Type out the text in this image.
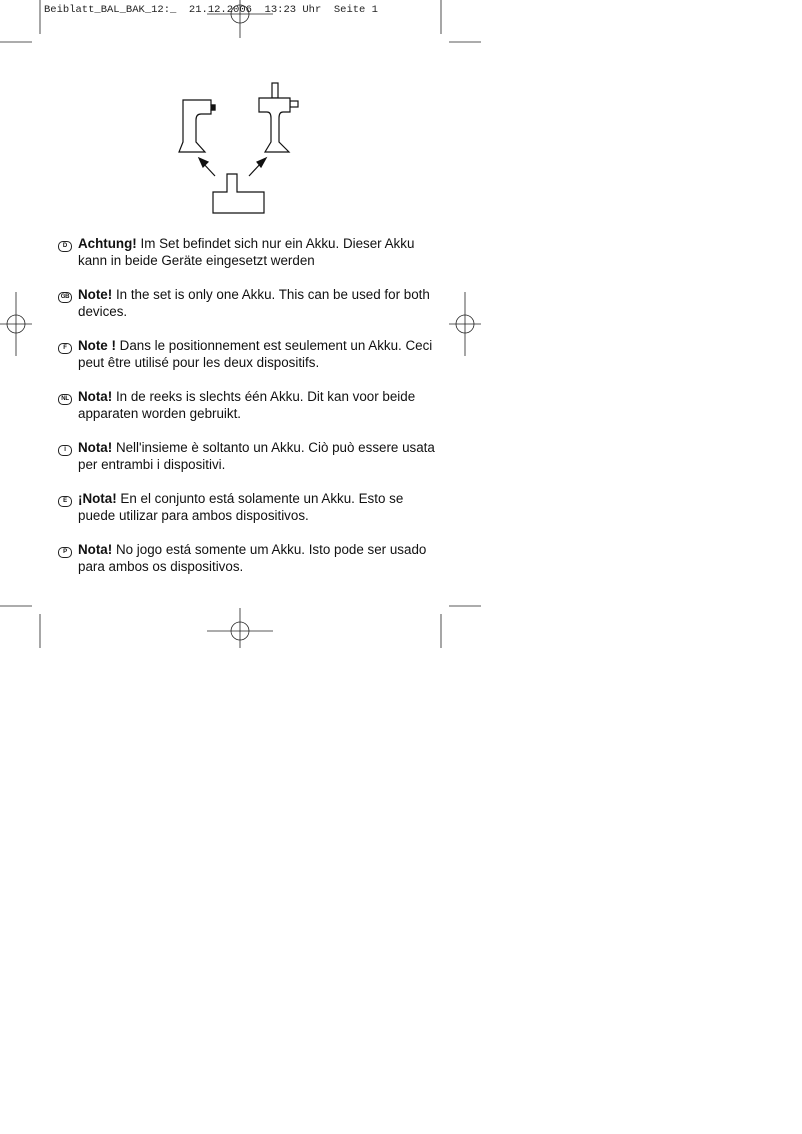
Beiblatt_BAL_BAK_12:_  21.12.2006  13:23 Uhr  Seite 1
D Achtung! Im Set befindet sich nur ein Akku. Dieser Akku kann in beide Geräte eingesetzt werden
GB Note! In the set is only one Akku. This can be used for both devices.
F Note ! Dans le positionnement est seulement un Akku. Ceci peut être utilisé pour les deux dispositifs.
NL Nota! In de reeks is slechts één Akku. Dit kan voor beide apparaten worden gebruikt.
I Nota! Nell'insieme è soltanto un Akku. Ciò può essere usata per entrambi i dispositivi.
E ¡Nota! En el conjunto está solamente un Akku. Esto se puede utilizar para ambos dispositivos.
P Nota! No jogo está somente um Akku. Isto pode ser usado para ambos os dispositivos.
